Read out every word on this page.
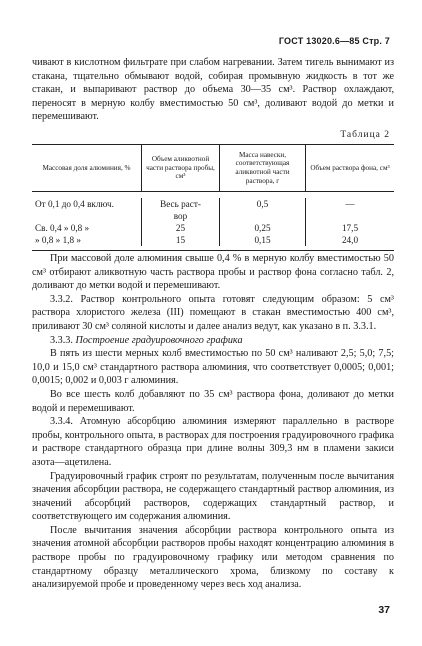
ГОСТ 13020.6—85 Стр. 7

чивают в кислотном фильтрате при слабом нагревании. Затем тигель вынимают из стакана, тщательно обмывают водой, собирая промывную жидкость в тот же стакан, и выпаривают раствор до объема 30—35 см³. Раствор охлаждают, переносят в мерную колбу вместимостью 50 см³, доливают водой до метки и перемешивают.

Таблица 2
Массовая доля алюминия, %
Объем аликвотной части раствора пробы, см³
Масса навески, соответствующая аликвотной части раствора, г
Объем раствора фона, см³
От 0,1 до 0,4 включ.
Св. 0,4 » 0,8 »
» 0,8 » 1,8 »
Весь раст-
вор
25
15
0,5
0,25
0,15
—
17,5
24,0

При массовой доле алюминия свыше 0,4 % в мерную колбу вместимостью 50 см³ отбирают аликвотную часть раствора пробы и раствор фона согласно табл. 2, доливают до метки водой и перемешивают.

3.3.2. Раствор контрольного опыта готовят следующим образом: 5 см³ раствора хлористого железа (III) помещают в стакан вместимостью 400 см³, приливают 30 см³ соляной кислоты и далее анализ ведут, как указано в п. 3.3.1.

3.3.3. Построение градуировочного графика

В пять из шести мерных колб вместимостью по 50 см³ наливают 2,5; 5,0; 7,5; 10,0 и 15,0 см³ стандартного раствора алюминия, что соответствует 0,0005; 0,001; 0,0015; 0,002 и 0,003 г алюминия.

Во все шесть колб добавляют по 35 см³ раствора фона, доливают до метки водой и перемешивают.

3.3.4. Атомную абсорбцию алюминия измеряют параллельно в растворе пробы, контрольного опыта, в растворах для построения градуировочного графика и растворе стандартного образца при длине волны 309,3 нм в пламени закиси азота—ацетилена.

Градуировочный график строят по результатам, полученным после вычитания значения абсорбции раствора, не содержащего стандартный раствор алюминия, из значений абсорбций растворов, содержащих стандартный раствор, и соответствующего им содержания алюминия.

После вычитания значения абсорбции раствора контрольного опыта из значения атомной абсорбции растворов пробы находят концентрацию алюминия в растворе пробы по градуировочному графику или методом сравнения по стандартному образцу металлического хрома, близкому по составу к анализируемой пробе и проведенному через весь ход анализа.

37
